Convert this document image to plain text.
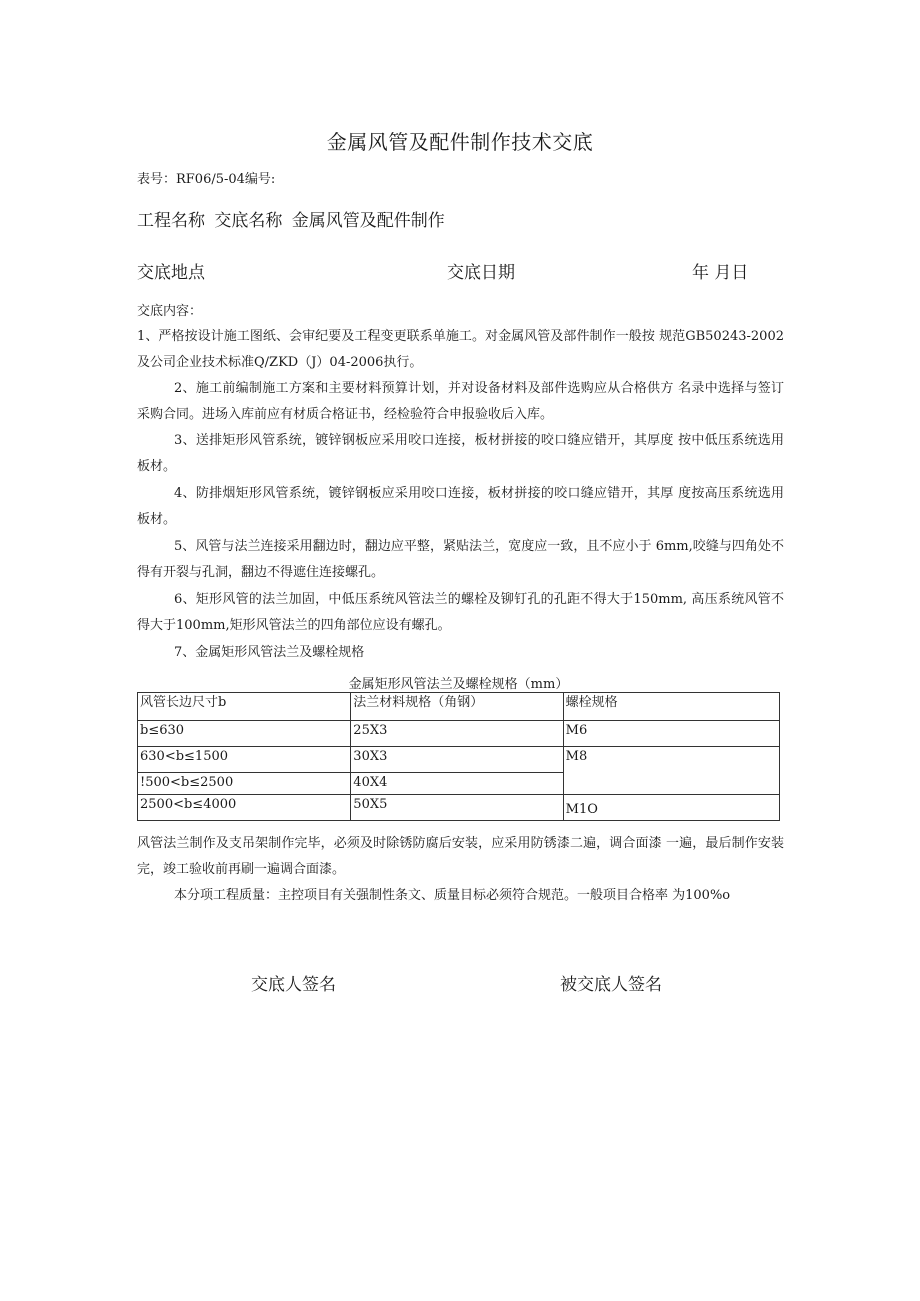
金属风管及配件制作技术交底
表号：RF06/5-04编号:
工程名称 交底名称 金属风管及配件制作
交底地点	交底日期	年 月日
交底内容：

1、严格按设计施工图纸、会审纪要及工程变更联系单施工。对金属风管及部件制作一般按 规范GB50243-2002及公司企业技术标准Q/ZKD（J）04-2006执行。

2、施工前编制施工方案和主要材料预算计划，并对设备材料及部件选购应从合格供方 名录中选择与签订采购合同。进场入库前应有材质合格证书，经检验符合申报验收后入库。

3、送排矩形风管系统，镀锌钢板应采用咬口连接，板材拼接的咬口缝应错开，其厚度 按中低压系统选用板材。

4、防排烟矩形风管系统，镀锌钢板应采用咬口连接，板材拼接的咬口缝应错开，其厚 度按高压系统选用板材。

5、风管与法兰连接采用翻边时，翻边应平整，紧贴法兰，宽度应一致，且不应小于 6mm,咬缝与四角处不得有开裂与孔洞，翻边不得遮住连接螺孔。

6、矩形风管的法兰加固，中低压系统风管法兰的螺栓及铆钉孔的孔距不得大于150mm, 高压系统风管不得大于100mm,矩形风管法兰的四角部位应设有螺孔。

7、金属矩形风管法兰及螺栓规格

金属矩形风管法兰及螺栓规格（mm）
风管长边尺寸b	法兰材料规格（角钢）	螺栓规格
b≤630	25X3	M6
630<b≤1500	30X3	M8
!500<b≤2500	40X4	
2500<b≤4000	50X5	M1O

风管法兰制作及支吊架制作完毕，必须及时除锈防腐后安装，应采用防锈漆二遍，调合面漆 一遍，最后制作安装完，竣工验收前再刷一遍调合面漆。

本分项工程质量：主控项目有关强制性条文、质量目标必须符合规范。一般项目合格率 为100%o

交底人签名	被交底人签名
